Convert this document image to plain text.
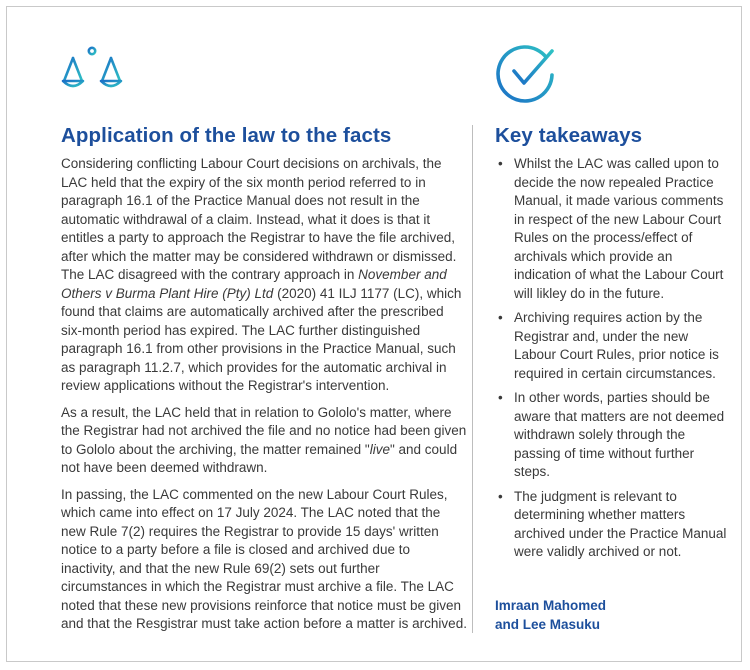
Application of the law to the facts	Key takeaways

Considering conflicting Labour Court decisions on archivals, the LAC held that the expiry of the six month period referred to in paragraph 16.1 of the Practice Manual does not result in the automatic withdrawal of a claim. Instead, what it does is that it entitles a party to approach the Registrar to have the file archived, after which the matter may be considered withdrawn or dismissed. The LAC disagreed with the contrary approach in November and Others v Burma Plant Hire (Pty) Ltd (2020) 41 ILJ 1177 (LC), which found that claims are automatically archived after the prescribed six-month period has expired. The LAC further distinguished paragraph 16.1 from other provisions in the Practice Manual, such as paragraph 11.2.7, which provides for the automatic archival in review applications without the Registrar's intervention.

As a result, the LAC held that in relation to Gololo's matter, where the Registrar had not archived the file and no notice had been given to Gololo about the archiving, the matter remained "live" and could not have been deemed withdrawn.

In passing, the LAC commented on the new Labour Court Rules, which came into effect on 17 July 2024. The LAC noted that the new Rule 7(2) requires the Registrar to provide 15 days' written notice to a party before a file is closed and archived due to inactivity, and that the new Rule 69(2) sets out further circumstances in which the Registrar must archive a file. The LAC noted that these new provisions reinforce that notice must be given and that the Resgistrar must take action before a matter is archived.

• Whilst the LAC was called upon to decide the now repealed Practice Manual, it made various comments in respect of the new Labour Court Rules on the process/effect of archivals which provide an indication of what the Labour Court will likley do in the future.
• Archiving requires action by the Registrar and, under the new Labour Court Rules, prior notice is required in certain circumstances.
• In other words, parties should be aware that matters are not deemed withdrawn solely through the passing of time without further steps.
• The judgment is relevant to determining whether matters archived under the Practice Manual were validly archived or not.
Imraan Mahomed
and Lee Masuku
